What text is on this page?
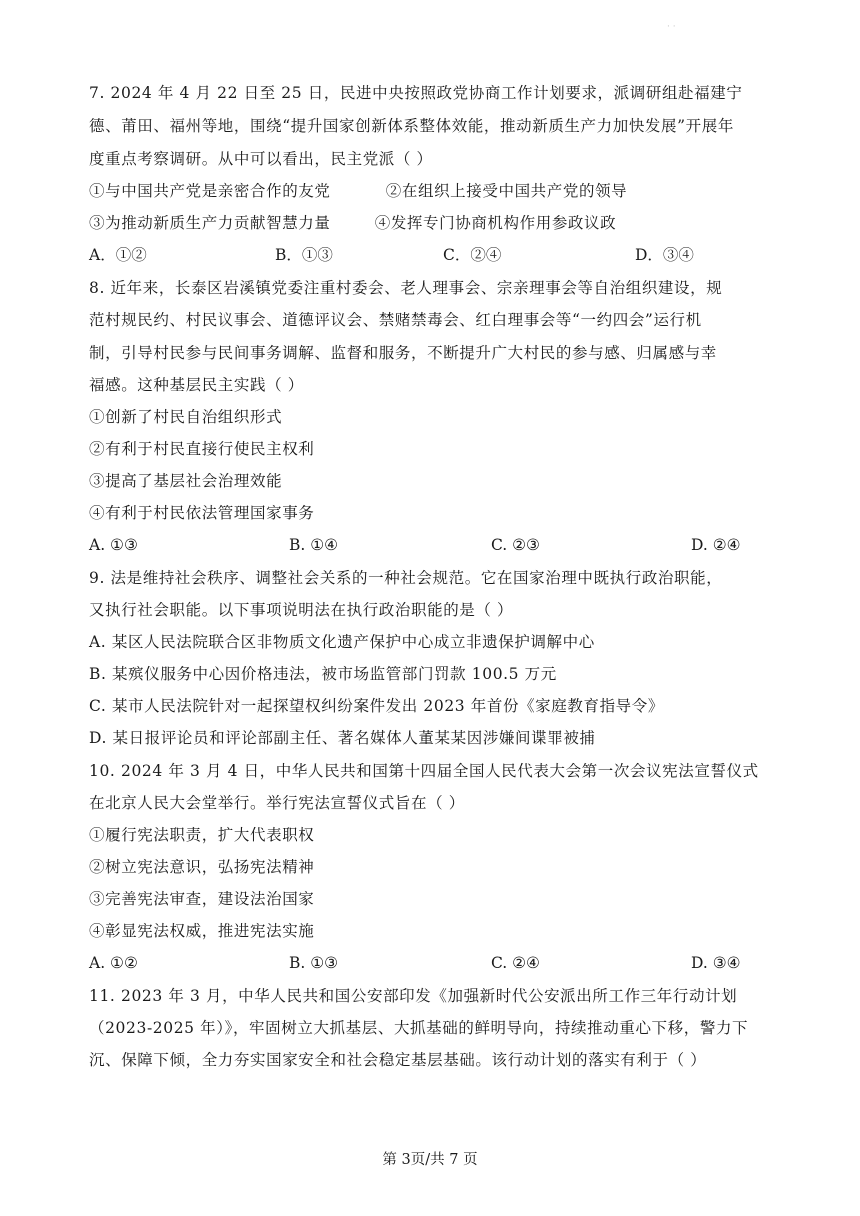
· ·
7. 2024 年 4 月 22 日至 25 日，民进中央按照政党协商工作计划要求，派调研组赴福建宁
德、莆田、福州等地，围绕“提升国家创新体系整体效能，推动新质生产力加快发展”开展年
度重点考察调研。从中可以看出，民主党派（ ）
①与中国共产党是亲密合作的友党          ②在组织上接受中国共产党的领导
③为推动新质生产力贡献智慧力量        ④发挥专门协商机构作用参政议政
A．①②	B．①③	C．②④	D．③④
8. 近年来，长泰区岩溪镇党委注重村委会、老人理事会、宗亲理事会等自治组织建设，规
范村规民约、村民议事会、道德评议会、禁赌禁毒会、红白理事会等“一约四会”运行机
制，引导村民参与民间事务调解、监督和服务，不断提升广大村民的参与感、归属感与幸
福感。这种基层民主实践（ ）
①创新了村民自治组织形式
②有利于村民直接行使民主权利
③提高了基层社会治理效能
④有利于村民依法管理国家事务
A. ①③	B. ①④	C. ②③	D. ②④
9. 法是维持社会秩序、调整社会关系的一种社会规范。它在国家治理中既执行政治职能，
又执行社会职能。以下事项说明法在执行政治职能的是（ ）
A. 某区人民法院联合区非物质文化遗产保护中心成立非遗保护调解中心
B. 某殡仪服务中心因价格违法，被市场监管部门罚款 100.5 万元
C. 某市人民法院针对一起探望权纠纷案件发出 2023 年首份《家庭教育指导令》
D. 某日报评论员和评论部副主任、著名媒体人董某某因涉嫌间谍罪被捕
10. 2024 年 3 月 4 日，中华人民共和国第十四届全国人民代表大会第一次会议宪法宣誓仪式
在北京人民大会堂举行。举行宪法宣誓仪式旨在（ ）
①履行宪法职责，扩大代表职权
②树立宪法意识，弘扬宪法精神
③完善宪法审查，建设法治国家
④彰显宪法权威，推进宪法实施
A. ①②	B. ①③	C. ②④	D. ③④
11. 2023 年 3 月，中华人民共和国公安部印发《加强新时代公安派出所工作三年行动计划
（2023-2025 年）》，牢固树立大抓基层、大抓基础的鲜明导向，持续推动重心下移，警力下
沉、保障下倾，全力夯实国家安全和社会稳定基层基础。该行动计划的落实有利于（ ）
第 3页/共 7 页
